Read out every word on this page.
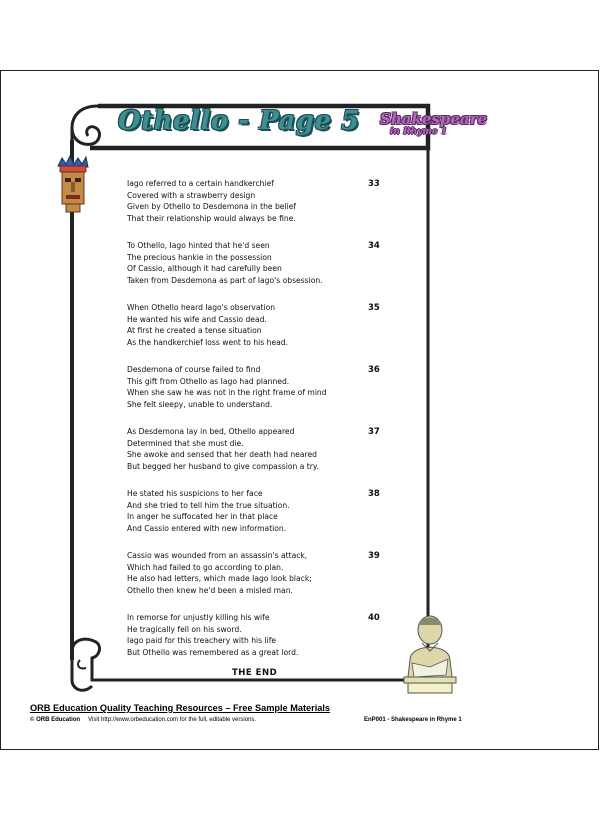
Othello - Page 5 Shakespeare
in Rhyme 1
Iago referred to a certain handkerchief
Covered with a strawberry design
Given by Othello to Desdemona in the belief
That their relationship would always be fine.
33
To Othello, Iago hinted that he'd seen
The precious hankie in the possession
Of Cassio, although it had carefully been
Taken from Desdemona as part of Iago's obsession.
34
When Othello heard Iago's observation
He wanted his wife and Cassio dead.
At first he created a tense situation
As the handkerchief loss went to his head.
35
Desdemona of course failed to find
This gift from Othello as Iago had planned.
When she saw he was not in the right frame of mind
She felt sleepy, unable to understand.
36
As Desdemona lay in bed, Othello appeared
Determined that she must die.
She awoke and sensed that her death had neared
But begged her husband to give compassion a try.
37
He stated his suspicions to her face
And she tried to tell him the true situation.
In anger he suffocated her in that place
And Cassio entered with new information.
38
Cassio was wounded from an assassin's attack,
Which had failed to go according to plan.
He also had letters, which made Iago look black;
Othello then knew he'd been a misled man.
39
In remorse for unjustly killing his wife
He tragically fell on his sword.
Iago paid for this treachery with his life
But Othello was remembered as a great lord.
40
THE END
ORB Education Quality Teaching Resources – Free Sample Materials
© ORB Education Visit http://www.orbeducation.com for the full, editable versions.	EnP001 - Shakespeare in Rhyme 1
